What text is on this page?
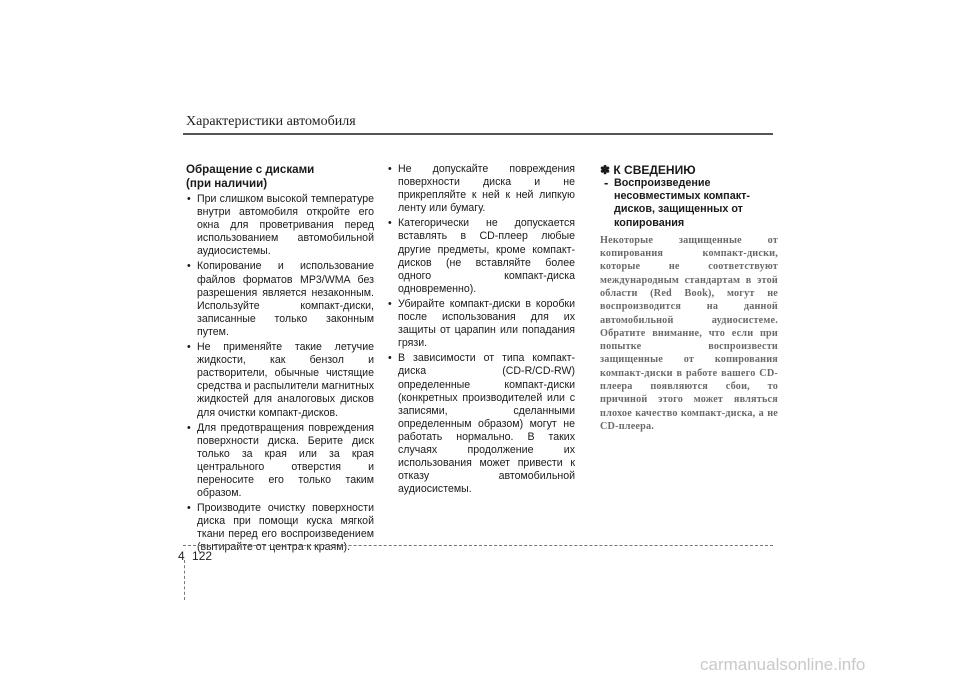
Характеристики автомобиля
Обращение с дисками
(при наличии)
• При слишком высокой температуре внутри автомобиля откройте его окна для проветривания перед использованием автомобильной аудиосистемы.
• Копирование и использование файлов форматов MP3/WMA без разрешения является незаконным. Используйте компакт-диски, записанные только законным путем.
• Не применяйте такие летучие жидкости, как бензол и растворители, обычные чистящие средства и распылители магнитных жидкостей для аналоговых дисков для очистки компакт-дисков.
• Для предотвращения повреждения поверхности диска. Берите диск только за края или за края центрального отверстия и переносите его только таким образом.
• Производите очистку поверхности диска при помощи куска мягкой ткани перед его воспроизведением (вытирайте от центра к краям).
• Не допускайте повреждения поверхности диска и не прикрепляйте к ней к ней липкую ленту или бумагу.
• Категорически не допускается вставлять в CD-плеер любые другие предметы, кроме компакт-дисков (не вставляйте более одного компакт-диска одновременно).
• Убирайте компакт-диски в коробки после использования для их защиты от царапин или попадания грязи.
• В зависимости от типа компакт-диска (CD-R/CD-RW) определенные компакт-диски (конкретных производителей или с записями, сделанными определенным образом) могут не работать нормально. В таких случаях продолжение их использования может привести к отказу автомобильной аудиосистемы.
✽ К СВЕДЕНИЮ
- Воспроизведение
несовместимых компакт-
дисков, защищенных от
копирования
Некоторые защищенные от копирования компакт-диски, которые не соответствуют международным стандартам в этой области (Red Book), могут не воспроизводится на данной автомобильной аудиосистеме. Обратите внимание, что если при попытке воспроизвести защищенные от копирования компакт-диски в работе вашего CD-плеера появляются сбои, то причиной этого может являться плохое качество компакт-диска, а не CD-плеера.
4 122
carmanualsonline.info
